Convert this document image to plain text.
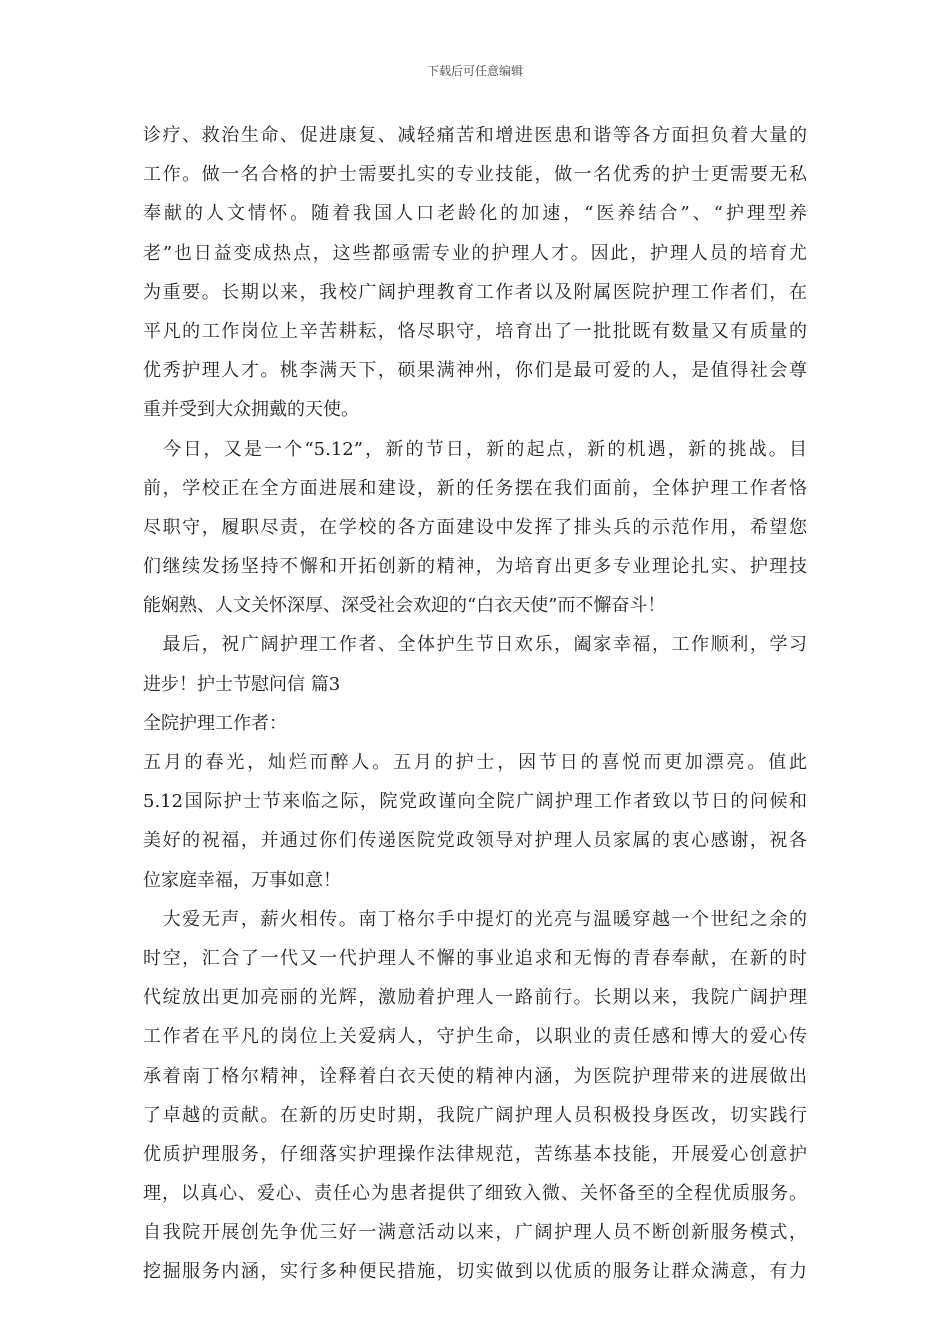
下载后可任意编辑
诊疗、救治生命、促进康复、减轻痛苦和增进医患和谐等各方面担负着大量的
工作。做一名合格的护士需要扎实的专业技能，做一名优秀的护士更需要无私
奉献的人文情怀。随着我国人口老龄化的加速，“医养结合”、“护理型养
老”也日益变成热点，这些都亟需专业的护理人才。因此，护理人员的培育尤
为重要。长期以来，我校广阔护理教育工作者以及附属医院护理工作者们，在
平凡的工作岗位上辛苦耕耘，恪尽职守，培育出了一批批既有数量又有质量的
优秀护理人才。桃李满天下，硕果满神州，你们是最可爱的人，是值得社会尊
重并受到大众拥戴的天使。
　今日，又是一个“5.12”，新的节日，新的起点，新的机遇，新的挑战。目
前，学校正在全方面进展和建设，新的任务摆在我们面前，全体护理工作者恪
尽职守，履职尽责，在学校的各方面建设中发挥了排头兵的示范作用，希望您
们继续发扬坚持不懈和开拓创新的精神，为培育出更多专业理论扎实、护理技
能娴熟、人文关怀深厚、深受社会欢迎的“白衣天使”而不懈奋斗！
　最后，祝广阔护理工作者、全体护生节日欢乐，阖家幸福，工作顺利，学习
进步！护士节慰问信 篇3
全院护理工作者：
五月的春光，灿烂而醉人。五月的护士，因节日的喜悦而更加漂亮。值此
5.12国际护士节来临之际，院党政谨向全院广阔护理工作者致以节日的问候和
美好的祝福，并通过你们传递医院党政领导对护理人员家属的衷心感谢，祝各
位家庭幸福，万事如意！
　大爱无声，薪火相传。南丁格尔手中提灯的光亮与温暖穿越一个世纪之余的
时空，汇合了一代又一代护理人不懈的事业追求和无悔的青春奉献，在新的时
代绽放出更加亮丽的光辉，激励着护理人一路前行。长期以来，我院广阔护理
工作者在平凡的岗位上关爱病人，守护生命，以职业的责任感和博大的爱心传
承着南丁格尔精神，诠释着白衣天使的精神内涵，为医院护理带来的进展做出
了卓越的贡献。在新的历史时期，我院广阔护理人员积极投身医改，切实践行
优质护理服务，仔细落实护理操作法律规范，苦练基本技能，开展爱心创意护
理，以真心、爱心、责任心为患者提供了细致入微、关怀备至的全程优质服务。
自我院开展创先争优三好一满意活动以来，广阔护理人员不断创新服务模式，
挖掘服务内涵，实行多种便民措施，切实做到以优质的服务让群众满意，有力
